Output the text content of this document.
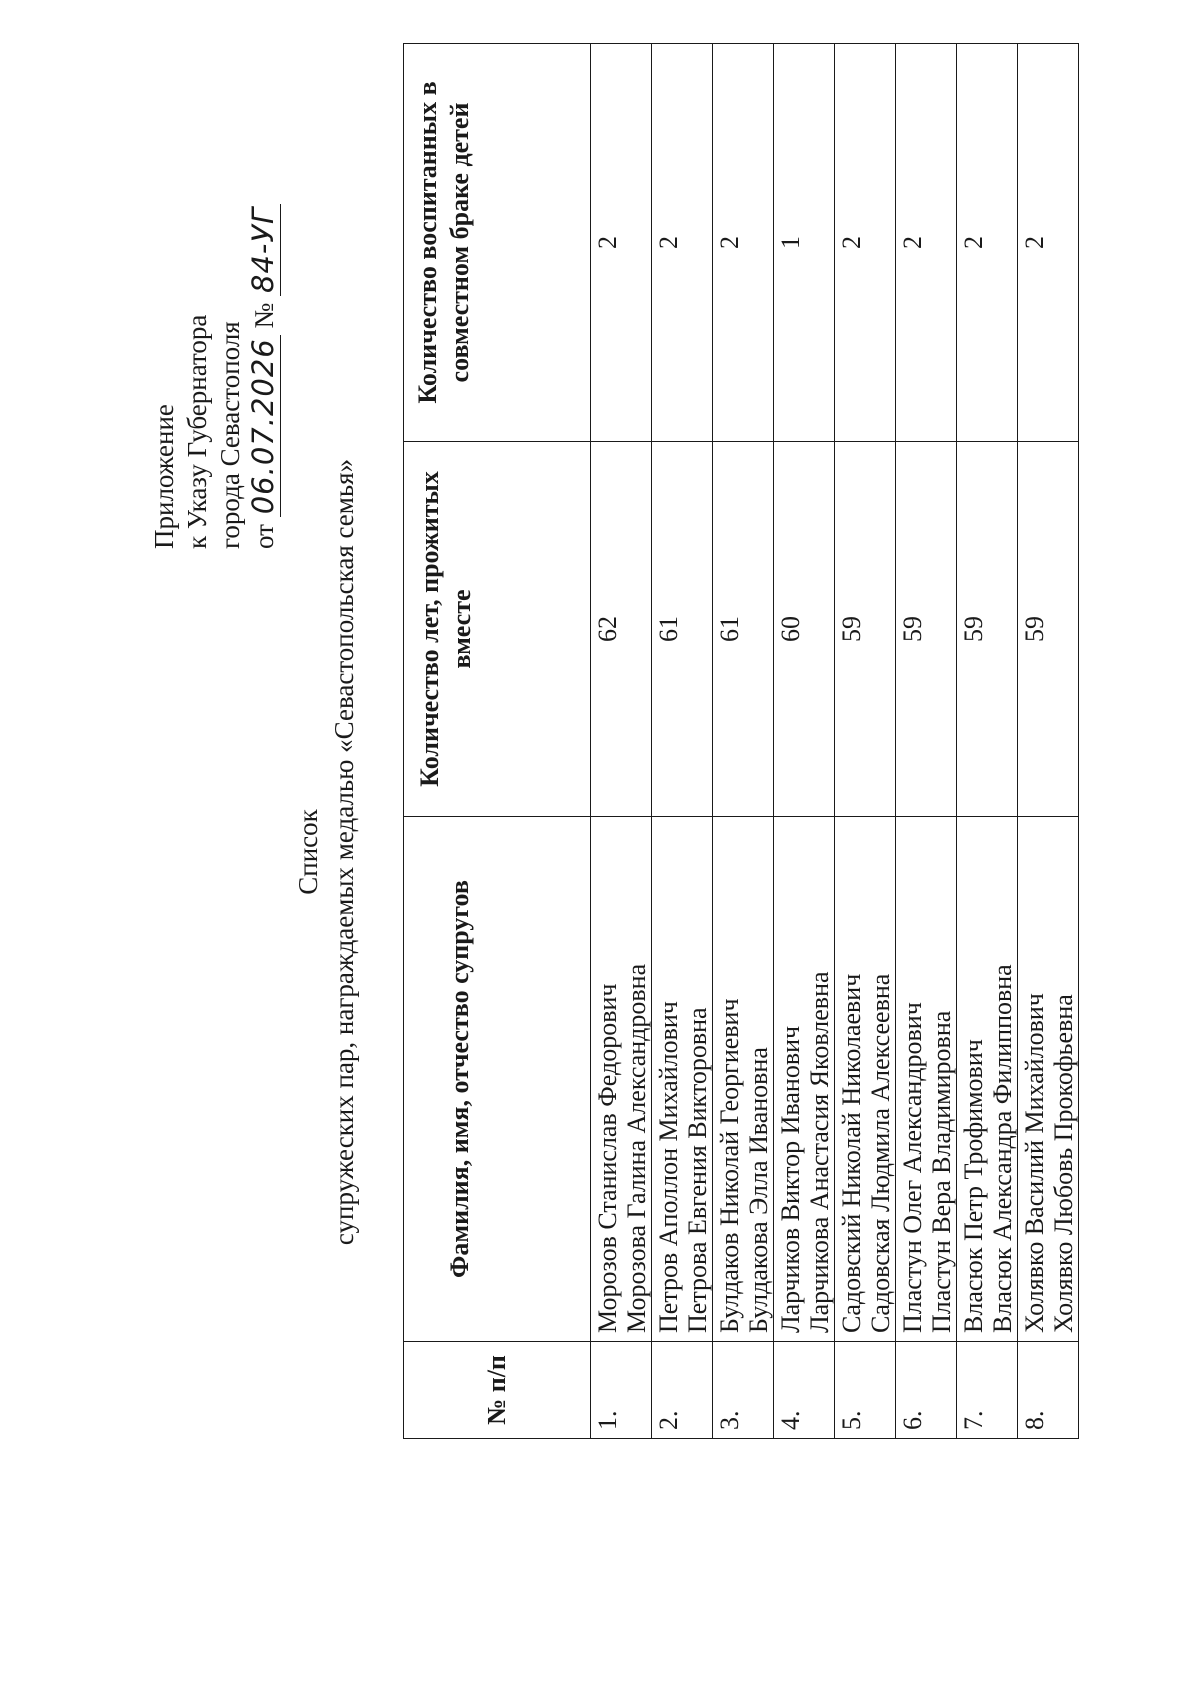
Приложение к Указу Губернатора города Севастополя от 06.07.2026 № 84-УГ
Список супружеских пар, награждаемых медалью «Севастопольская семья»
№ п/п	Фамилия, имя, отчество супругов	Количество лет, прожитых вместе	Количество воспитанных в совместном браке детей
1.	Морозов Станислав Федорович Морозова Галина Александровна	62	2
2.	Петров Аполлон Михайлович Петрова Евгения Викторовна	61	2
3.	Булдаков Николай Георгиевич Булдакова Элла Ивановна	61	2
4.	Ларчиков Виктор Иванович Ларчикова Анастасия Яковлевна	60	1
5.	Садовский Николай Николаевич Садовская Людмила Алексеевна	59	2
6.	Пластун Олег Александрович Пластун Вера Владимировна	59	2
7.	Власюк Петр Трофимович Власюк Александра Филипповна	59	2
8.	Холявко Василий Михайлович Холявко Любовь Прокофьевна	59	2
